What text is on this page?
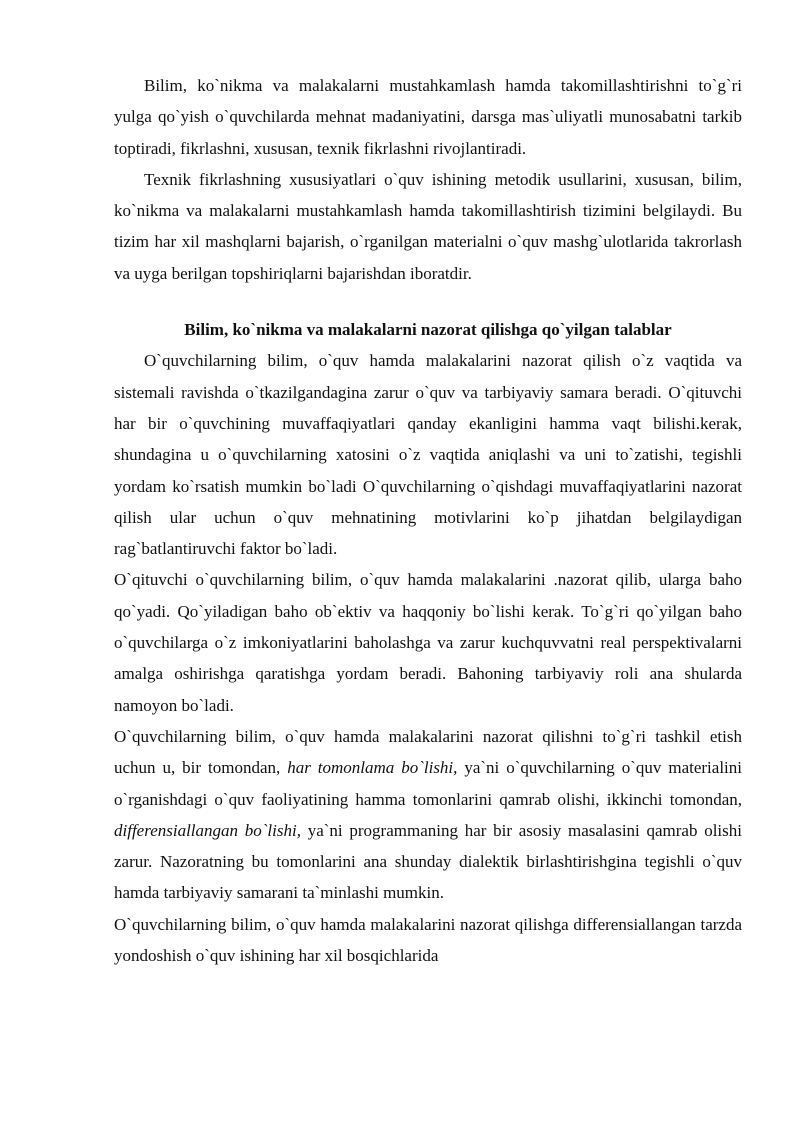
Bilim, ko`nikma va malakalarni mustahkamlash hamda takomillashtirishni to`g`ri yulga qo`yish o`quvchilarda mehnat madaniyatini, darsga mas`uliyatli munosabatni tarkib toptiradi, fikrlashni, xususan, texnik fikrlashni rivojlantiradi.

Texnik fikrlashning xususiyatlari o`quv ishining metodik usullarini, xususan, bilim, ko`nikma va malakalarni mustahkamlash hamda takomillashtirish tizimini belgilaydi. Bu tizim har xil mashqlarni bajarish, o`rganilgan materialni o`quv mashg`ulotlarida takrorlash va uyga berilgan topshiriqlarni bajarishdan iboratdir.

Bilim, ko`nikma va malakalarni nazorat qilishga qo`yilgan talablar

O`quvchilarning bilim, o`quv hamda malakalarini nazorat qilish o`z vaqtida va sistemali ravishda o`tkazilgandagina zarur o`quv va tarbiyaviy samara beradi. O`qituvchi har bir o`quvchining muvaffaqiyatlari qanday ekanligini hamma vaqt bilishi.kerak, shundagina u o`quvchilarning xatosini o`z vaqtida aniqlashi va uni to`zatishi, tegishli yordam ko`rsatish mumkin bo`ladi O`quvchilarning o`qishdagi muvaffaqiyatlarini nazorat qilish ular uchun o`quv mehnatining motivlarini ko`p jihatdan belgilaydigan rag`batlantiruvchi faktor bo`ladi.

O`qituvchi o`quvchilarning bilim, o`quv hamda malakalarini .nazorat qilib, ularga baho qo`yadi. Qo`yiladigan baho ob`ektiv va haqqoniy bo`lishi kerak. To`g`ri qo`yilgan baho o`quvchilarga o`z imkoniyatlarini baholashga va zarur kuchquvvatni real perspektivalarni amalga oshirishga qaratishga yordam beradi. Bahoning tarbiyaviy roli ana shularda namoyon bo`ladi.

O`quvchilarning bilim, o`quv hamda malakalarini nazorat qilishni to`g`ri tashkil etish uchun u, bir tomondan, har tomonlama bo`lishi, ya`ni o`quvchilarning o`quv materialini o`rganishdagi o`quv faoliyatining hamma tomonlarini qamrab olishi, ikkinchi tomondan, differensiallangan bo`lishi, ya`ni programmaning har bir asosiy masalasini qamrab olishi zarur. Nazoratning bu tomonlarini ana shunday dialektik birlashtirishgina tegishli o`quv hamda tarbiyaviy samarani ta`minlashi mumkin.

O`quvchilarning bilim, o`quv hamda malakalarini nazorat qilishga differensiallangan tarzda yondoshish o`quv ishining har xil bosqichlarida
